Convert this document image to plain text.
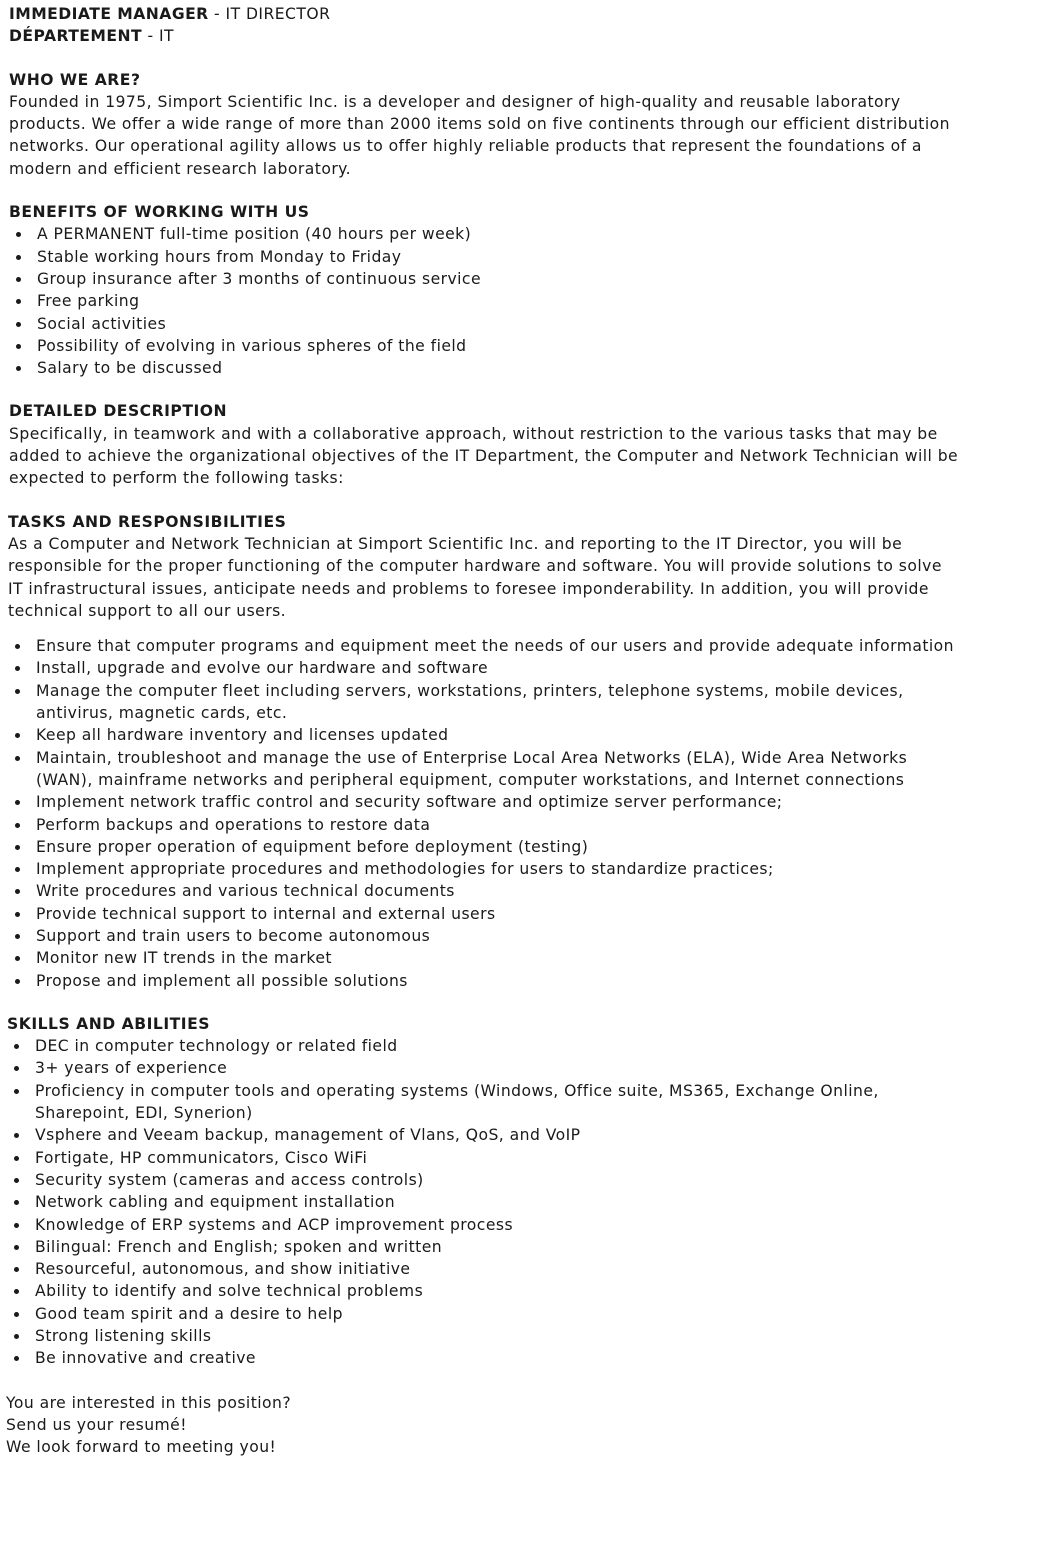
IMMEDIATE MANAGER - IT DIRECTOR

DÉPARTEMENT - IT

WHO WE ARE?

Founded in 1975, Simport Scientific Inc. is a developer and designer of high-quality and reusable laboratory products. We offer a wide range of more than 2000 items sold on five continents through our efficient distribution networks. Our operational agility allows us to offer highly reliable products that represent the foundations of a modern and efficient research laboratory.

BENEFITS OF WORKING WITH US
A PERMANENT full-time position (40 hours per week)
Stable working hours from Monday to Friday
Group insurance after 3 months of continuous service
Free parking
Social activities
Possibility of evolving in various spheres of the field
Salary to be discussed
DETAILED DESCRIPTION

Specifically, in teamwork and with a collaborative approach, without restriction to the various tasks that may be added to achieve the organizational objectives of the IT Department, the Computer and Network Technician will be expected to perform the following tasks:

TASKS AND RESPONSIBILITIES

As a Computer and Network Technician at Simport Scientific Inc. and reporting to the IT Director, you will be responsible for the proper functioning of the computer hardware and software. You will provide solutions to solve IT infrastructural issues, anticipate needs and problems to foresee imponderability. In addition, you will provide technical support to all our users.

Ensure that computer programs and equipment meet the needs of our users and provide adequate information
Install, upgrade and evolve our hardware and software
Manage the computer fleet including servers, workstations, printers, telephone systems, mobile devices, antivirus, magnetic cards, etc.
Keep all hardware inventory and licenses updated
Maintain, troubleshoot and manage the use of Enterprise Local Area Networks (ELA), Wide Area Networks (WAN), mainframe networks and peripheral equipment, computer workstations, and Internet connections
Implement network traffic control and security software and optimize server performance;
Perform backups and operations to restore data
Ensure proper operation of equipment before deployment (testing)
Implement appropriate procedures and methodologies for users to standardize practices;
Write procedures and various technical documents
Provide technical support to internal and external users
Support and train users to become autonomous
Monitor new IT trends in the market
Propose and implement all possible solutions
SKILLS AND ABILITIES
DEC in computer technology or related field
3+ years of experience
Proficiency in computer tools and operating systems (Windows, Office suite, MS365, Exchange Online, Sharepoint, EDI, Synerion)
Vsphere and Veeam backup, management of Vlans, QoS, and VoIP
Fortigate, HP communicators, Cisco WiFi
Security system (cameras and access controls)
Network cabling and equipment installation
Knowledge of ERP systems and ACP improvement process
Bilingual: French and English; spoken and written
Resourceful, autonomous, and show initiative
Ability to identify and solve technical problems
Good team spirit and a desire to help
Strong listening skills
Be innovative and creative

You are interested in this position?

Send us your resumé!

We look forward to meeting you!
